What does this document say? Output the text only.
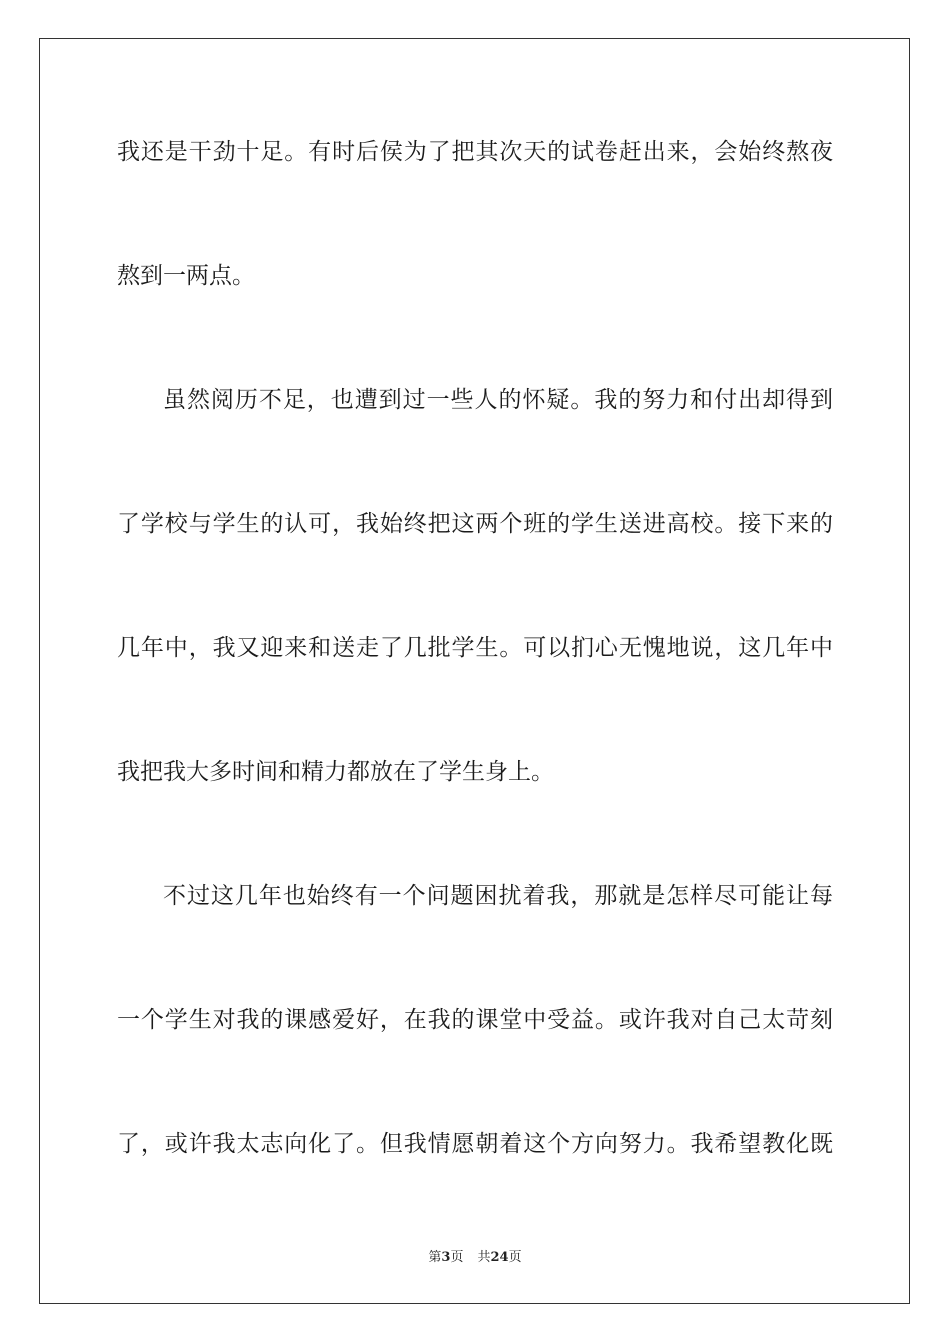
我还是干劲十足。有时后侯为了把其次天的试卷赶出来，会始终熬夜
熬到一两点。
虽然阅历不足，也遭到过一些人的怀疑。我的努力和付出却得到
了学校与学生的认可，我始终把这两个班的学生送进高校。接下来的
几年中，我又迎来和送走了几批学生。可以扪心无愧地说，这几年中
我把我大多时间和精力都放在了学生身上。
不过这几年也始终有一个问题困扰着我，那就是怎样尽可能让每
一个学生对我的课感爱好，在我的课堂中受益。或许我对自己太苛刻
了，或许我太志向化了。但我情愿朝着这个方向努力。我希望教化既
第3页 共24页
